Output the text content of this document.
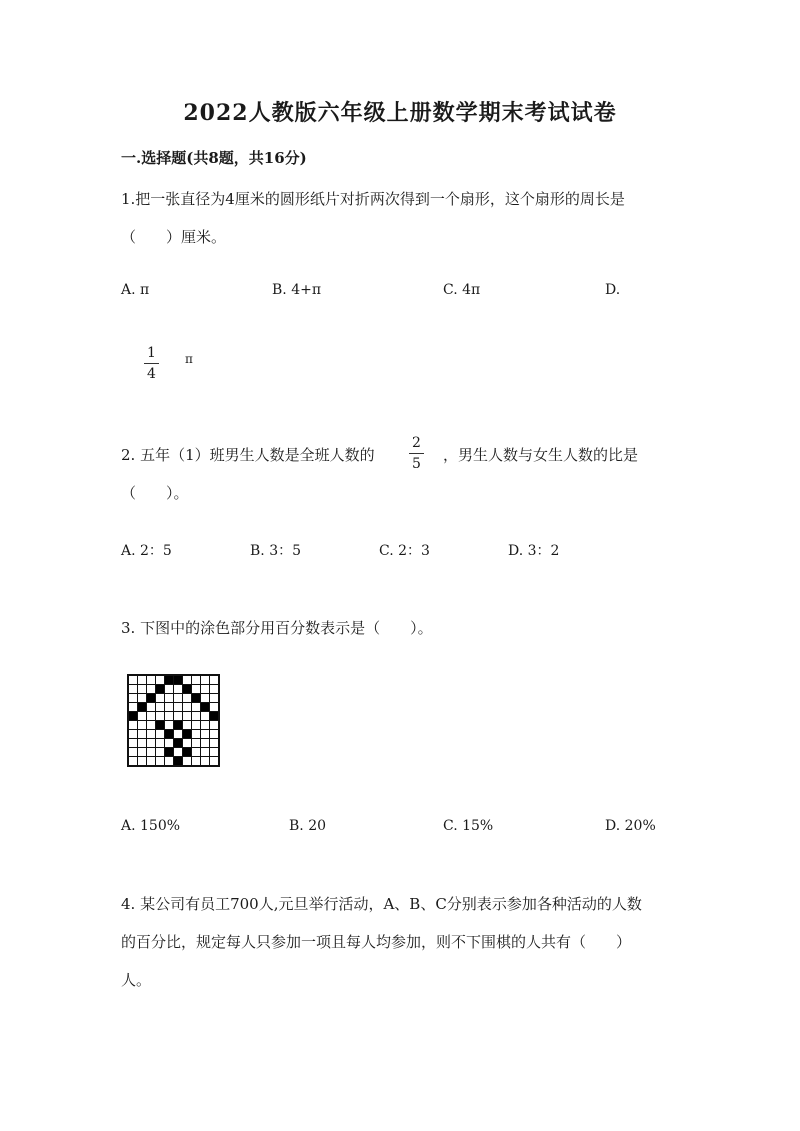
2022人教版六年级上册数学期末考试试卷
一.选择题(共8题，共16分)
1.把一张直径为4厘米的圆形纸片对折两次得到一个扇形，这个扇形的周长是
（　　）厘米。
A. π	B. 4+π	C. 4π	D.
$\frac{1}{4}$ π
2. 五年（1）班男生人数是全班人数的 $\frac{2}{5}$ ，男生人数与女生人数的比是
（　　）。
A. 2：5	B. 3：5	C. 2：3	D. 3：2
3. 下图中的涂色部分用百分数表示是（　　）。

A. 150%	B. 20	C. 15%	D. 20%
4. 某公司有员工700人,元旦举行活动，A、B、C分别表示参加各种活动的人数
的百分比，规定每人只参加一项且每人均参加，则不下围棋的人共有（　　）
人。
